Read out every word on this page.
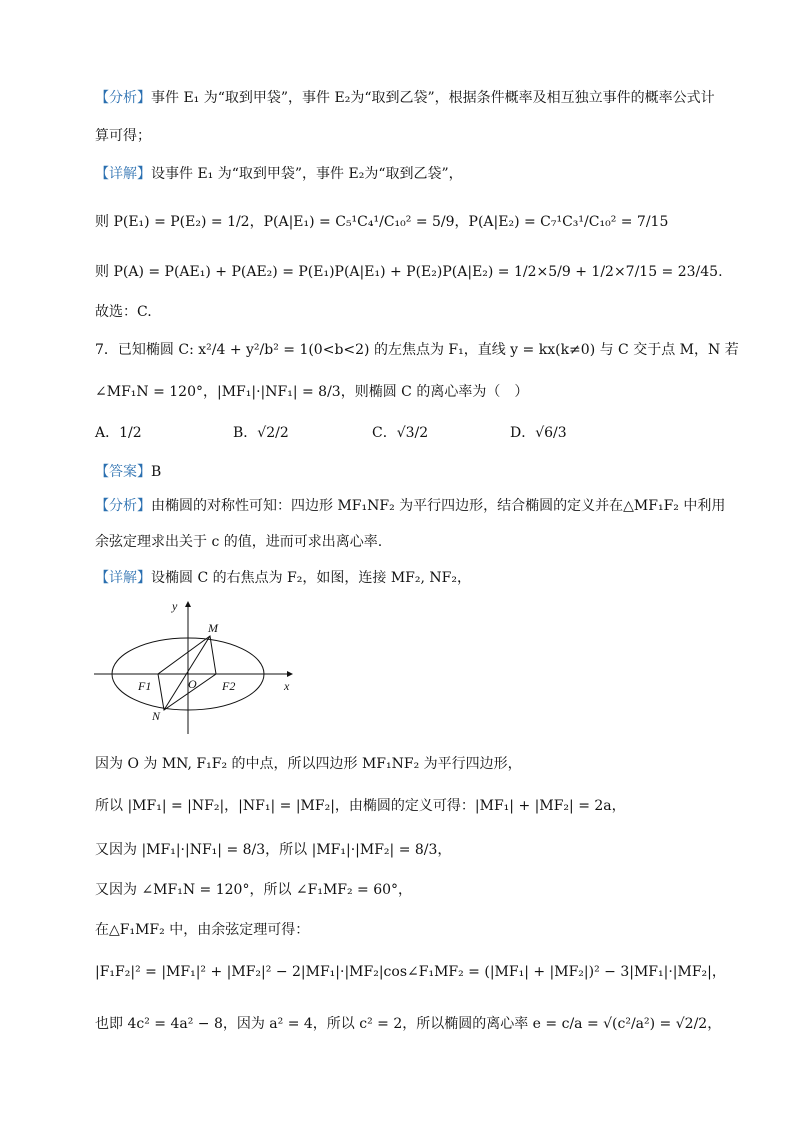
【分析】事件 E₁ 为“取到甲袋”，事件 E₂为“取到乙袋”，根据条件概率及相互独立事件的概率公式计
算可得；
【详解】设事件 E₁ 为“取到甲袋”，事件 E₂为“取到乙袋”，
则 P(E₁) = P(E₂) = 1/2，P(A|E₁) = C₅¹C₄¹/C₁₀² = 5/9，P(A|E₂) = C₇¹C₃¹/C₁₀² = 7/15
则 P(A) = P(AE₁) + P(AE₂) = P(E₁)P(A|E₁) + P(E₂)P(A|E₂) = 1/2×5/9 + 1/2×7/15 = 23/45.
故选：C.
7．已知椭圆 C: x²/4 + y²/b² = 1(0<b<2) 的左焦点为 F₁，直线 y = kx(k≠0) 与 C 交于点 M，N 若
∠MF₁N = 120°，|MF₁|·|NF₁| = 8/3，则椭圆 C 的离心率为（　）
A．1/2	B．√2/2	C．√3/2	D．√6/3
【答案】B
【分析】由椭圆的对称性可知：四边形 MF₁NF₂ 为平行四边形，结合椭圆的定义并在△MF₁F₂ 中利用
余弦定理求出关于 c 的值，进而可求出离心率.
【详解】设椭圆 C 的右焦点为 F₂，如图，连接 MF₂, NF₂，
y
x
M
N
O
F1	F2
因为 O 为 MN, F₁F₂ 的中点，所以四边形 MF₁NF₂ 为平行四边形，
所以 |MF₁| = |NF₂|，|NF₁| = |MF₂|，由椭圆的定义可得：|MF₁| + |MF₂| = 2a，
又因为 |MF₁|·|NF₁| = 8/3，所以 |MF₁|·|MF₂| = 8/3，
又因为 ∠MF₁N = 120°，所以 ∠F₁MF₂ = 60°，
在△F₁MF₂ 中，由余弦定理可得：
|F₁F₂|² = |MF₁|² + |MF₂|² − 2|MF₁|·|MF₂|cos∠F₁MF₂ = (|MF₁| + |MF₂|)² − 3|MF₁|·|MF₂|，
也即 4c² = 4a² − 8，因为 a² = 4，所以 c² = 2，所以椭圆的离心率 e = c/a = √(c²/a²) = √2/2，
